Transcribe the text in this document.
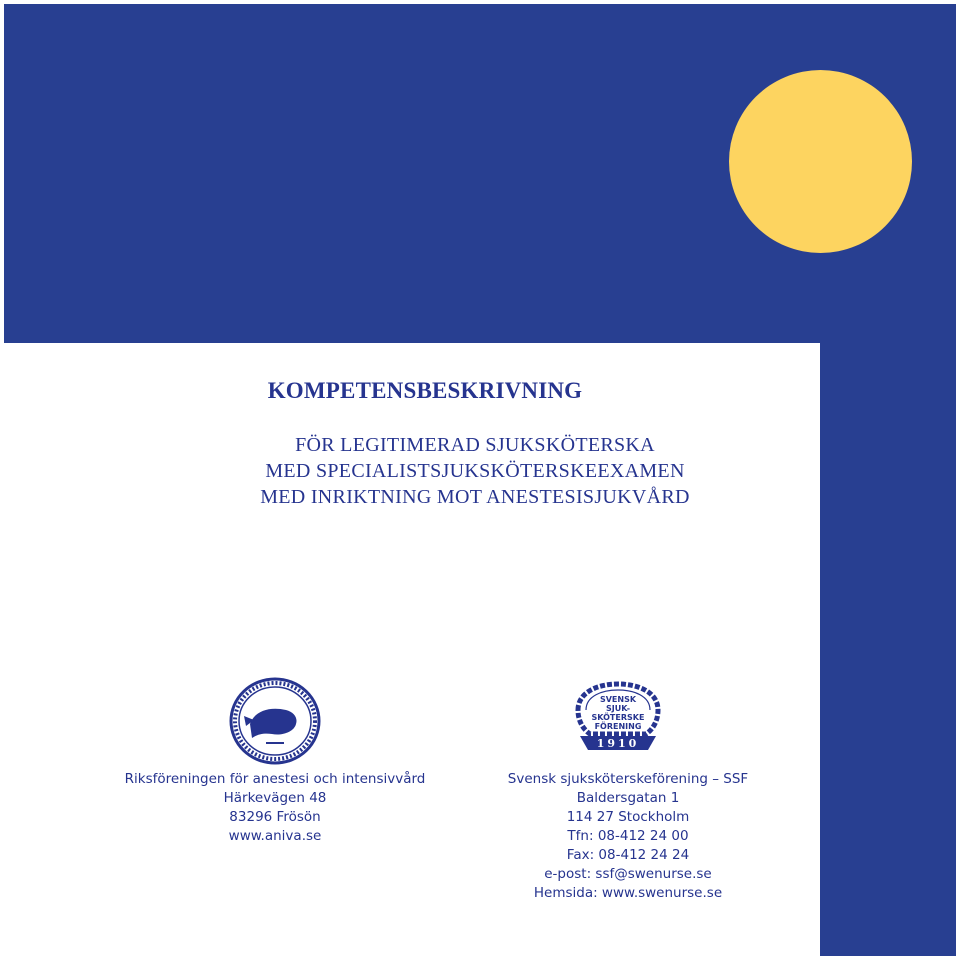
KOMPETENSBESKRIVNING
FÖR LEGITIMERAD SJUKSKÖTERSKA
MED SPECIALISTSJUKSKÖTERSKEEXAMEN
MED INRIKTNING MOT ANESTESISJUKVÅRD
SVENSK
SJUK-
SKÖTERSKE
FÖRENING
1910
Riksföreningen för anestesi och intensivvård
Härkevägen 48
83296 Frösön
www.aniva.se
Svensk sjuksköterskeförening – SSF
Baldersgatan 1
114 27 Stockholm
Tfn: 08-412 24 00
Fax: 08-412 24 24
e-post: ssf@swenurse.se
Hemsida: www.swenurse.se
